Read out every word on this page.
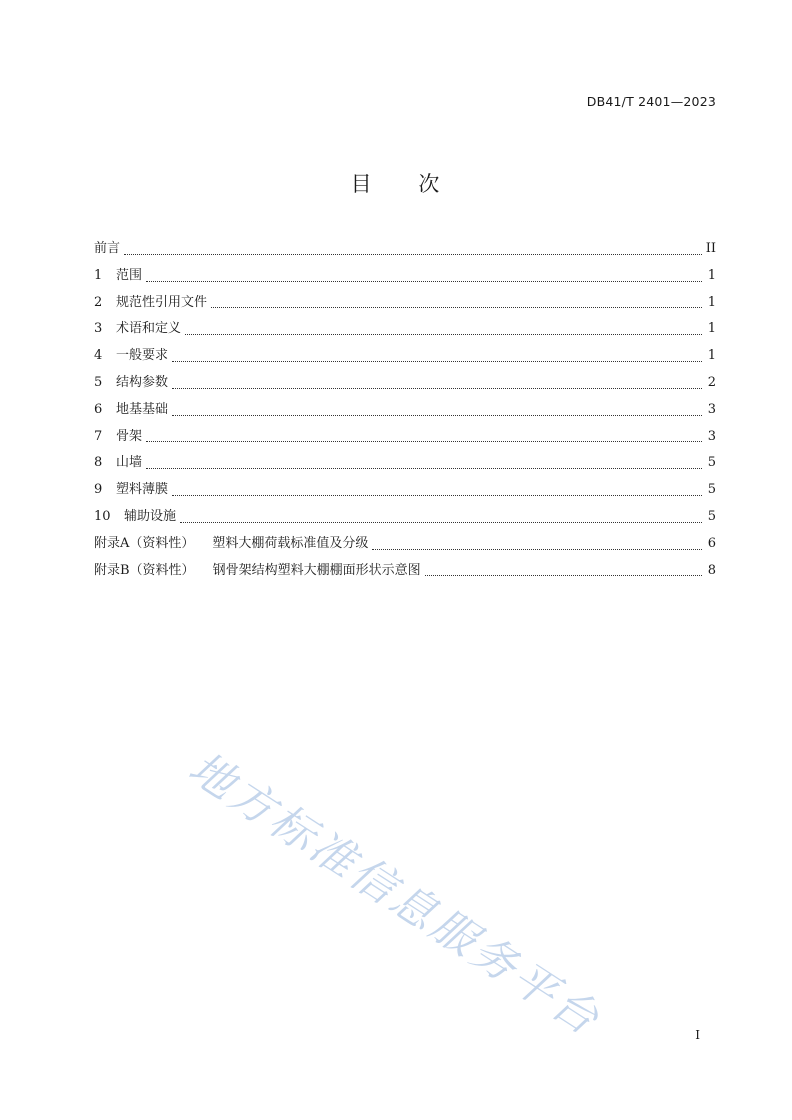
DB41/T 2401—2023
目 次
前言	II
1	范围	1
2	规范性引用文件	1
3	术语和定义	1
4	一般要求	1
5	结构参数	2
6	地基基础	3
7	骨架	3
8	山墙	5
9	塑料薄膜	5
10	辅助设施	5
附录A（资料性） 塑料大棚荷载标准值及分级	6
附录B（资料性） 钢骨架结构塑料大棚棚面形状示意图	8
地方标准信息服务平台	I
